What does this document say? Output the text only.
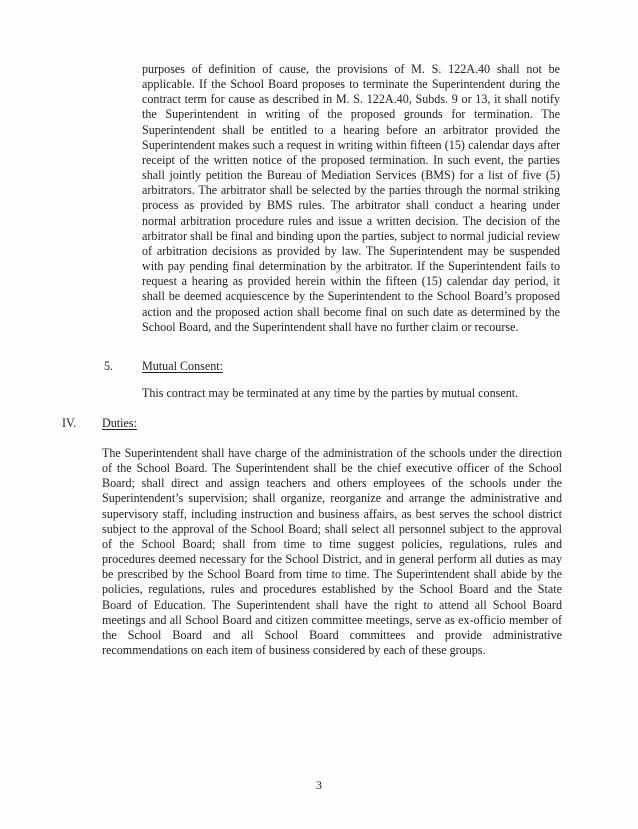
purposes of definition of cause, the provisions of M. S. 122A.40 shall not be applicable. If the School Board proposes to terminate the Superintendent during the contract term for cause as described in M. S. 122A.40, Subds. 9 or 13, it shall notify the Superintendent in writing of the proposed grounds for termination. The Superintendent shall be entitled to a hearing before an arbitrator provided the Superintendent makes such a request in writing within fifteen (15) calendar days after receipt of the written notice of the proposed termination. In such event, the parties shall jointly petition the Bureau of Mediation Services (BMS) for a list of five (5) arbitrators. The arbitrator shall be selected by the parties through the normal striking process as provided by BMS rules. The arbitrator shall conduct a hearing under normal arbitration procedure rules and issue a written decision. The decision of the arbitrator shall be final and binding upon the parties, subject to normal judicial review of arbitration decisions as provided by law. The Superintendent may be suspended with pay pending final determination by the arbitrator. If the Superintendent fails to request a hearing as provided herein within the fifteen (15) calendar day period, it shall be deemed acquiescence by the Superintendent to the School Board’s proposed action and the proposed action shall become final on such date as determined by the School Board, and the Superintendent shall have no further claim or recourse.

5. Mutual Consent:

This contract may be terminated at any time by the parties by mutual consent.

IV. Duties:

The Superintendent shall have charge of the administration of the schools under the direction of the School Board. The Superintendent shall be the chief executive officer of the School Board; shall direct and assign teachers and others employees of the schools under the Superintendent’s supervision; shall organize, reorganize and arrange the administrative and supervisory staff, including instruction and business affairs, as best serves the school district subject to the approval of the School Board; shall select all personnel subject to the approval of the School Board; shall from time to time suggest policies, regulations, rules and procedures deemed necessary for the School District, and in general perform all duties as may be prescribed by the School Board from time to time. The Superintendent shall abide by the policies, regulations, rules and procedures established by the School Board and the State Board of Education. The Superintendent shall have the right to attend all School Board meetings and all School Board and citizen committee meetings, serve as ex-officio member of the School Board and all School Board committees and provide administrative recommendations on each item of business considered by each of these groups.

3
